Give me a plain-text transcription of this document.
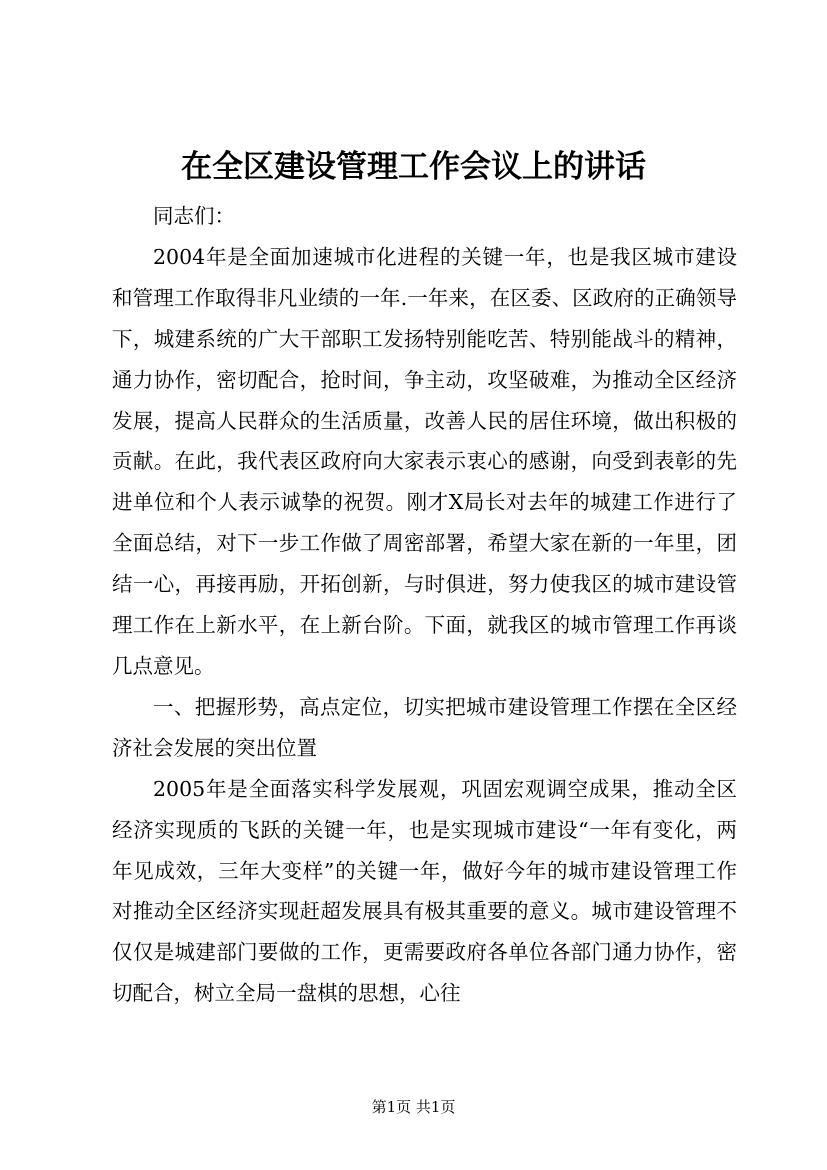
在全区建设管理工作会议上的讲话

同志们：

2004年是全面加速城市化进程的关键一年，也是我区城市建设和管理工作取得非凡业绩的一年.一年来，在区委、区政府的正确领导下，城建系统的广大干部职工发扬特别能吃苦、特别能战斗的精神，通力协作，密切配合，抢时间，争主动，攻坚破难，为推动全区经济发展，提高人民群众的生活质量，改善人民的居住环境，做出积极的贡献。在此，我代表区政府向大家表示衷心的感谢，向受到表彰的先进单位和个人表示诚挚的祝贺。刚才X局长对去年的城建工作进行了全面总结，对下一步工作做了周密部署，希望大家在新的一年里，团结一心，再接再励，开拓创新，与时俱进，努力使我区的城市建设管理工作在上新水平，在上新台阶。下面，就我区的城市管理工作再谈几点意见。

一、把握形势，高点定位，切实把城市建设管理工作摆在全区经济社会发展的突出位置

2005年是全面落实科学发展观，巩固宏观调空成果，推动全区经济实现质的飞跃的关键一年，也是实现城市建设“一年有变化，两年见成效，三年大变样”的关键一年，做好今年的城市建设管理工作对推动全区经济实现赶超发展具有极其重要的意义。城市建设管理不仅仅是城建部门要做的工作，更需要政府各单位各部门通力协作，密切配合，树立全局一盘棋的思想，心往

第1页 共1页
